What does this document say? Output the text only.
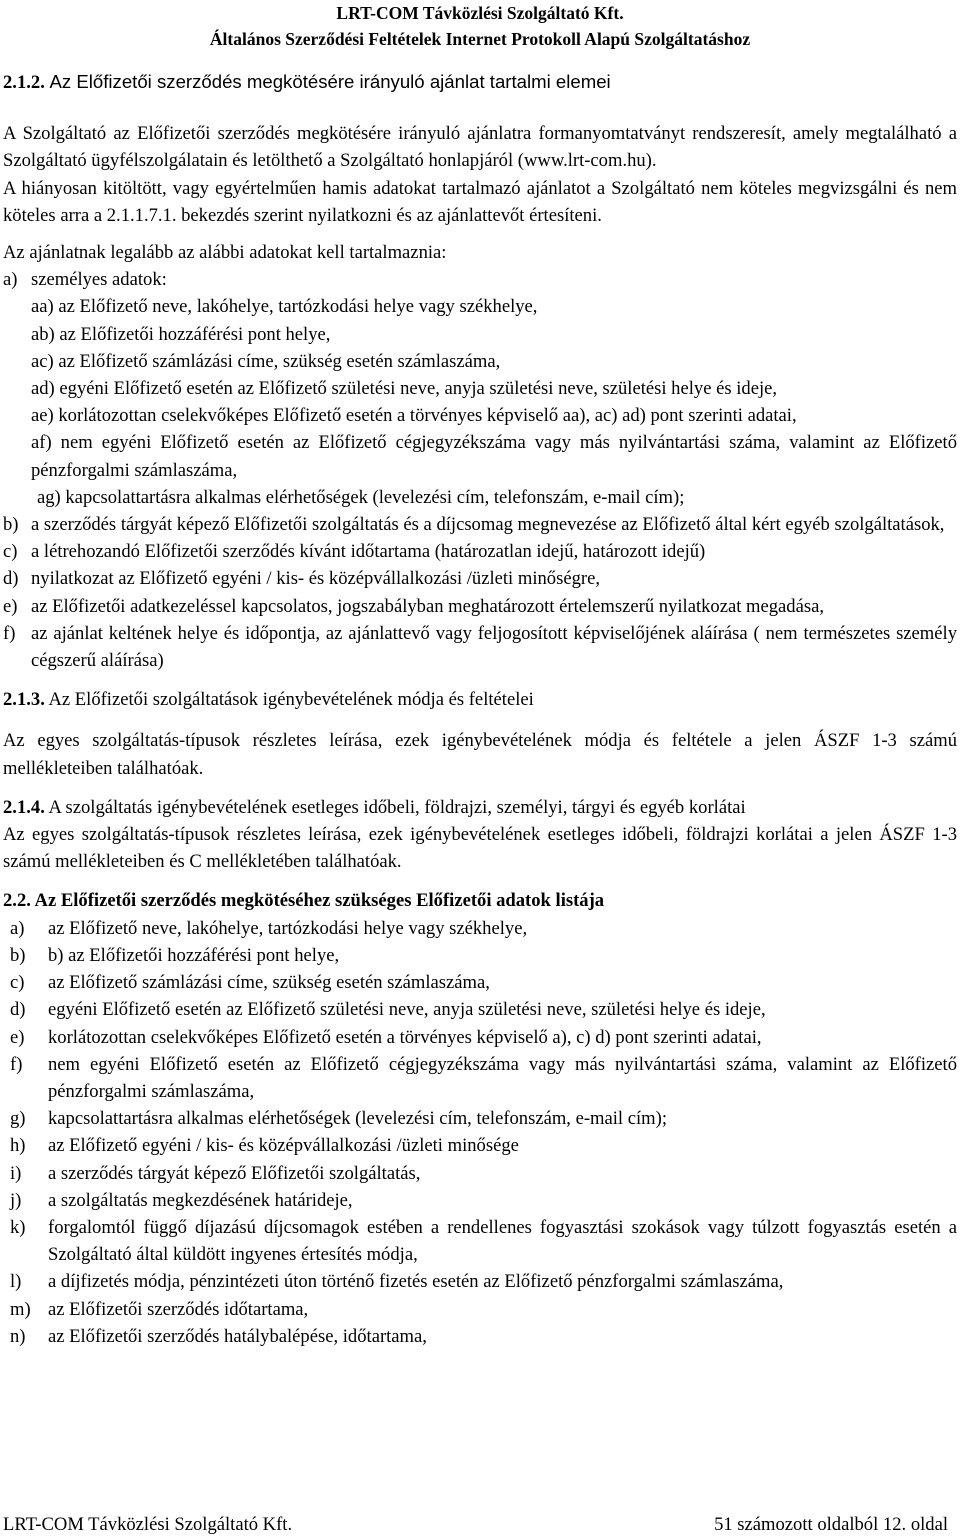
LRT-COM Távközlési Szolgáltató Kft.
Általános Szerződési Feltételek Internet Protokoll Alapú Szolgáltatáshoz
2.1.2. Az Előfizetői szerződés megkötésére irányuló ajánlat tartalmi elemei

A Szolgáltató az Előfizetői szerződés megkötésére irányuló ajánlatra formanyomtatványt rendszeresít, amely megtalálható a Szolgáltató ügyfélszolgálatain és letölthető a Szolgáltató honlapjáról (www.lrt-com.hu).

A hiányosan kitöltött, vagy egyértelműen hamis adatokat tartalmazó ajánlatot a Szolgáltató nem köteles megvizsgálni és nem köteles arra a 2.1.1.7.1. bekezdés szerint nyilatkozni és az ajánlattevőt értesíteni.

Az ajánlatnak legalább az alábbi adatokat kell tartalmaznia:

a) személyes adatok:
aa) az Előfizető neve, lakóhelye, tartózkodási helye vagy székhelye,
ab) az Előfizetői hozzáférési pont helye,
ac) az Előfizető számlázási címe, szükség esetén számlaszáma,
ad) egyéni Előfizető esetén az Előfizető születési neve, anyja születési neve, születési helye és ideje,
ae) korlátozottan cselekvőképes Előfizető esetén a törvényes képviselő aa), ac) ad) pont szerinti adatai,
af) nem egyéni Előfizető esetén az Előfizető cégjegyzékszáma vagy más nyilvántartási száma, valamint az Előfizető pénzforgalmi számlaszáma,
ag) kapcsolattartásra alkalmas elérhetőségek (levelezési cím, telefonszám, e-mail cím);
b) a szerződés tárgyát képező Előfizetői szolgáltatás és a díjcsomag megnevezése az Előfizető által kért egyéb szolgáltatások,
c) a létrehozandó Előfizetői szerződés kívánt időtartama (határozatlan idejű, határozott idejű)
d) nyilatkozat az Előfizető egyéni / kis- és középvállalkozási /üzleti minőségre,
e) az Előfizetői adatkezeléssel kapcsolatos, jogszabályban meghatározott értelemszerű nyilatkozat megadása,
f) az ajánlat keltének helye és időpontja, az ajánlattevő vagy feljogosított képviselőjének aláírása ( nem természetes személy cégszerű aláírása)
2.1.3. Az Előfizetői szolgáltatások igénybevételének módja és feltételei

Az egyes szolgáltatás-típusok részletes leírása, ezek igénybevételének módja és feltétele a jelen ÁSZF 1-3 számú mellékleteiben találhatóak.

2.1.4. A szolgáltatás igénybevételének esetleges időbeli, földrajzi, személyi, tárgyi és egyéb korlátai

Az egyes szolgáltatás-típusok részletes leírása, ezek igénybevételének esetleges időbeli, földrajzi korlátai a jelen ÁSZF 1-3 számú mellékleteiben és C mellékletében találhatóak.

2.2. Az Előfizetői szerződés megkötéséhez szükséges Előfizetői adatok listája
a)	az Előfizető neve, lakóhelye, tartózkodási helye vagy székhelye,
b)	b) az Előfizetői hozzáférési pont helye,
c)	az Előfizető számlázási címe, szükség esetén számlaszáma,
d)	egyéni Előfizető esetén az Előfizető születési neve, anyja születési neve, születési helye és ideje,
e)	korlátozottan cselekvőképes Előfizető esetén a törvényes képviselő a), c) d) pont szerinti adatai,
f)	nem egyéni Előfizető esetén az Előfizető cégjegyzékszáma vagy más nyilvántartási száma, valamint az Előfizető pénzforgalmi számlaszáma,
g)	kapcsolattartásra alkalmas elérhetőségek (levelezési cím, telefonszám, e-mail cím);
h)	az Előfizető egyéni / kis- és középvállalkozási /üzleti minősége
i)	a szerződés tárgyát képező Előfizetői szolgáltatás,
j)	a szolgáltatás megkezdésének határideje,
k)	forgalomtól függő díjazású díjcsomagok estében a rendellenes fogyasztási szokások vagy túlzott fogyasztás esetén a Szolgáltató által küldött ingyenes értesítés módja,
l)	a díjfizetés módja, pénzintézeti úton történő fizetés esetén az Előfizető pénzforgalmi számlaszáma,
m) az Előfizetői szerződés időtartama,
n)	az Előfizetői szerződés hatálybalépése, időtartama,
LRT-COM Távközlési Szolgáltató Kft.	51 számozott oldalból 12. oldal
